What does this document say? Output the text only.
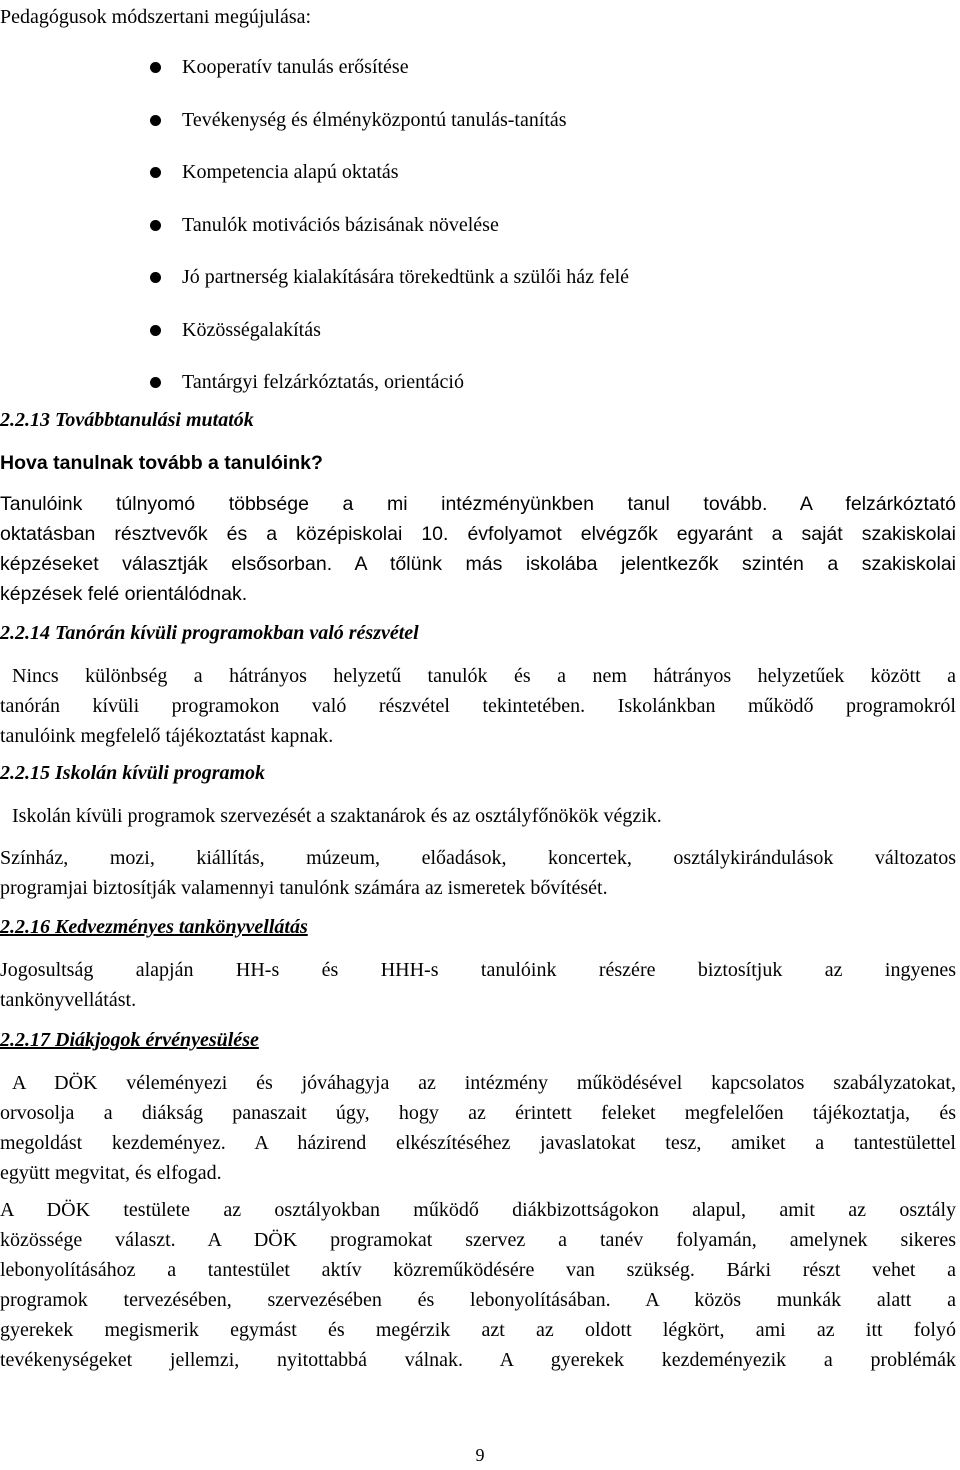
Pedagógusok módszertani megújulása:
Kooperatív tanulás erősítése
Tevékenység és élményközpontú tanulás-tanítás
Kompetencia alapú oktatás
Tanulók motivációs bázisának növelése
Jó partnerség kialakítására törekedtünk a szülői ház felé
Közösségalakítás
Tantárgyi felzárkóztatás, orientáció
2.2.13 Továbbtanulási mutatók
Hova tanulnak tovább a tanulóink?
Tanulóink túlnyomó többsége a mi intézményünkben tanul tovább. A felzárkóztató
oktatásban résztvevők és a középiskolai 10. évfolyamot elvégzők egyaránt a saját szakiskolai
képzéseket választják elsősorban. A tőlünk más iskolába jelentkezők szintén a szakiskolai
képzések felé orientálódnak.
2.2.14 Tanórán kívüli programokban való részvétel
Nincs különbség a hátrányos helyzetű tanulók és a nem hátrányos helyzetűek között a
tanórán kívüli programokon való részvétel tekintetében. Iskolánkban működő programokról
tanulóink megfelelő tájékoztatást kapnak.
2.2.15 Iskolán kívüli programok
Iskolán kívüli programok szervezését a szaktanárok és az osztályfőnökök végzik.
Színház, mozi, kiállítás, múzeum, előadások, koncertek, osztálykirándulások változatos
programjai biztosítják valamennyi tanulónk számára az ismeretek bővítését.
2.2.16 Kedvezményes tankönyvellátás
Jogosultság alapján HH-s és HHH-s tanulóink részére biztosítjuk az ingyenes
tankönyvellátást.
2.2.17 Diákjogok érvényesülése
A DÖK véleményezi és jóváhagyja az intézmény működésével kapcsolatos szabályzatokat,
orvosolja a diákság panaszait úgy, hogy az érintett feleket megfelelően tájékoztatja, és
megoldást kezdeményez. A házirend elkészítéséhez javaslatokat tesz, amiket a tantestülettel
együtt megvitat, és elfogad.
A DÖK testülete az osztályokban működő diákbizottságokon alapul, amit az osztály
közössége választ. A DÖK programokat szervez a tanév folyamán, amelynek sikeres
lebonyolításához a tantestület aktív közreműködésére van szükség. Bárki részt vehet a
programok tervezésében, szervezésében és lebonyolításában. A közös munkák alatt a
gyerekek megismerik egymást és megérzik azt az oldott légkört, ami az itt folyó
tevékenységeket jellemzi, nyitottabbá válnak. A gyerekek kezdeményezik a problémák
9
